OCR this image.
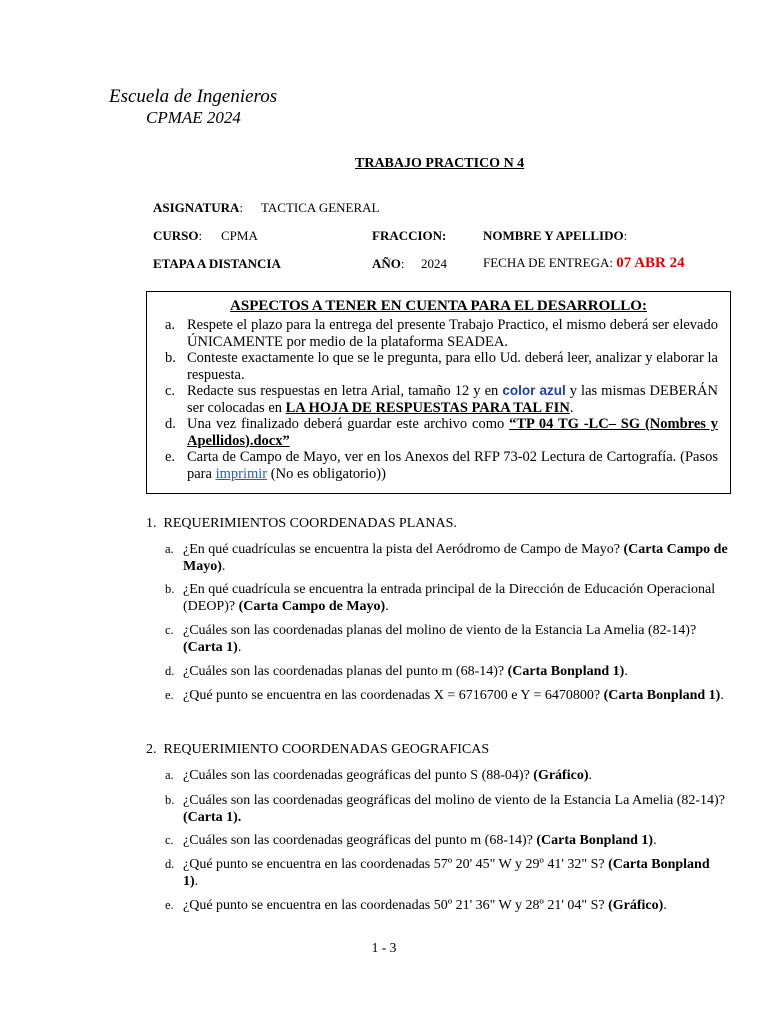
Escuela de Ingenieros
CPMAE 2024
TRABAJO PRACTICO N 4
ASIGNATURA: TACTICA GENERAL
CURSO: CPMA	FRACCION:	NOMBRE Y APELLIDO:
ETAPA A DISTANCIA	AÑO: 2024	FECHA DE ENTREGA: 07 ABR 24
ASPECTOS A TENER EN CUENTA PARA EL DESARROLLO:
a. Respete el plazo para la entrega del presente Trabajo Practico, el mismo deberá ser elevado ÚNICAMENTE por medio de la plataforma SEADEA.
b. Conteste exactamente lo que se le pregunta, para ello Ud. deberá leer, analizar y elaborar la respuesta.
c. Redacte sus respuestas en letra Arial, tamaño 12 y en color azul y las mismas DEBERÁN ser colocadas en LA HOJA DE RESPUESTAS PARA TAL FIN.
d. Una vez finalizado deberá guardar este archivo como “TP 04 TG -LC– SG (Nombres y Apellidos).docx”
e. Carta de Campo de Mayo, ver en los Anexos del RFP 73-02 Lectura de Cartografía. (Pasos para imprimir (No es obligatorio))
1. REQUERIMIENTOS COORDENADAS PLANAS.
a. ¿En qué cuadrículas se encuentra la pista del Aeródromo de Campo de Mayo? (Carta Campo de Mayo).
b. ¿En qué cuadrícula se encuentra la entrada principal de la Dirección de Educación Operacional (DEOP)? (Carta Campo de Mayo).
c. ¿Cuáles son las coordenadas planas del molino de viento de la Estancia La Amelia (82-14)? (Carta 1).
d. ¿Cuáles son las coordenadas planas del punto m (68-14)? (Carta Bonpland 1).
e. ¿Qué punto se encuentra en las coordenadas X = 6716700 e Y = 6470800? (Carta Bonpland 1).
2. REQUERIMIENTO COORDENADAS GEOGRAFICAS
a. ¿Cuáles son las coordenadas geográficas del punto S (88-04)? (Gráfico).
b. ¿Cuáles son las coordenadas geográficas del molino de viento de la Estancia La Amelia (82-14)? (Carta 1).
c. ¿Cuáles son las coordenadas geográficas del punto m (68-14)? (Carta Bonpland 1).
d. ¿Qué punto se encuentra en las coordenadas 57º 20' 45" W y 29º 41' 32" S? (Carta Bonpland 1).
e. ¿Qué punto se encuentra en las coordenadas 50º 21' 36" W y 28º 21' 04" S? (Gráfico).
1 - 3
